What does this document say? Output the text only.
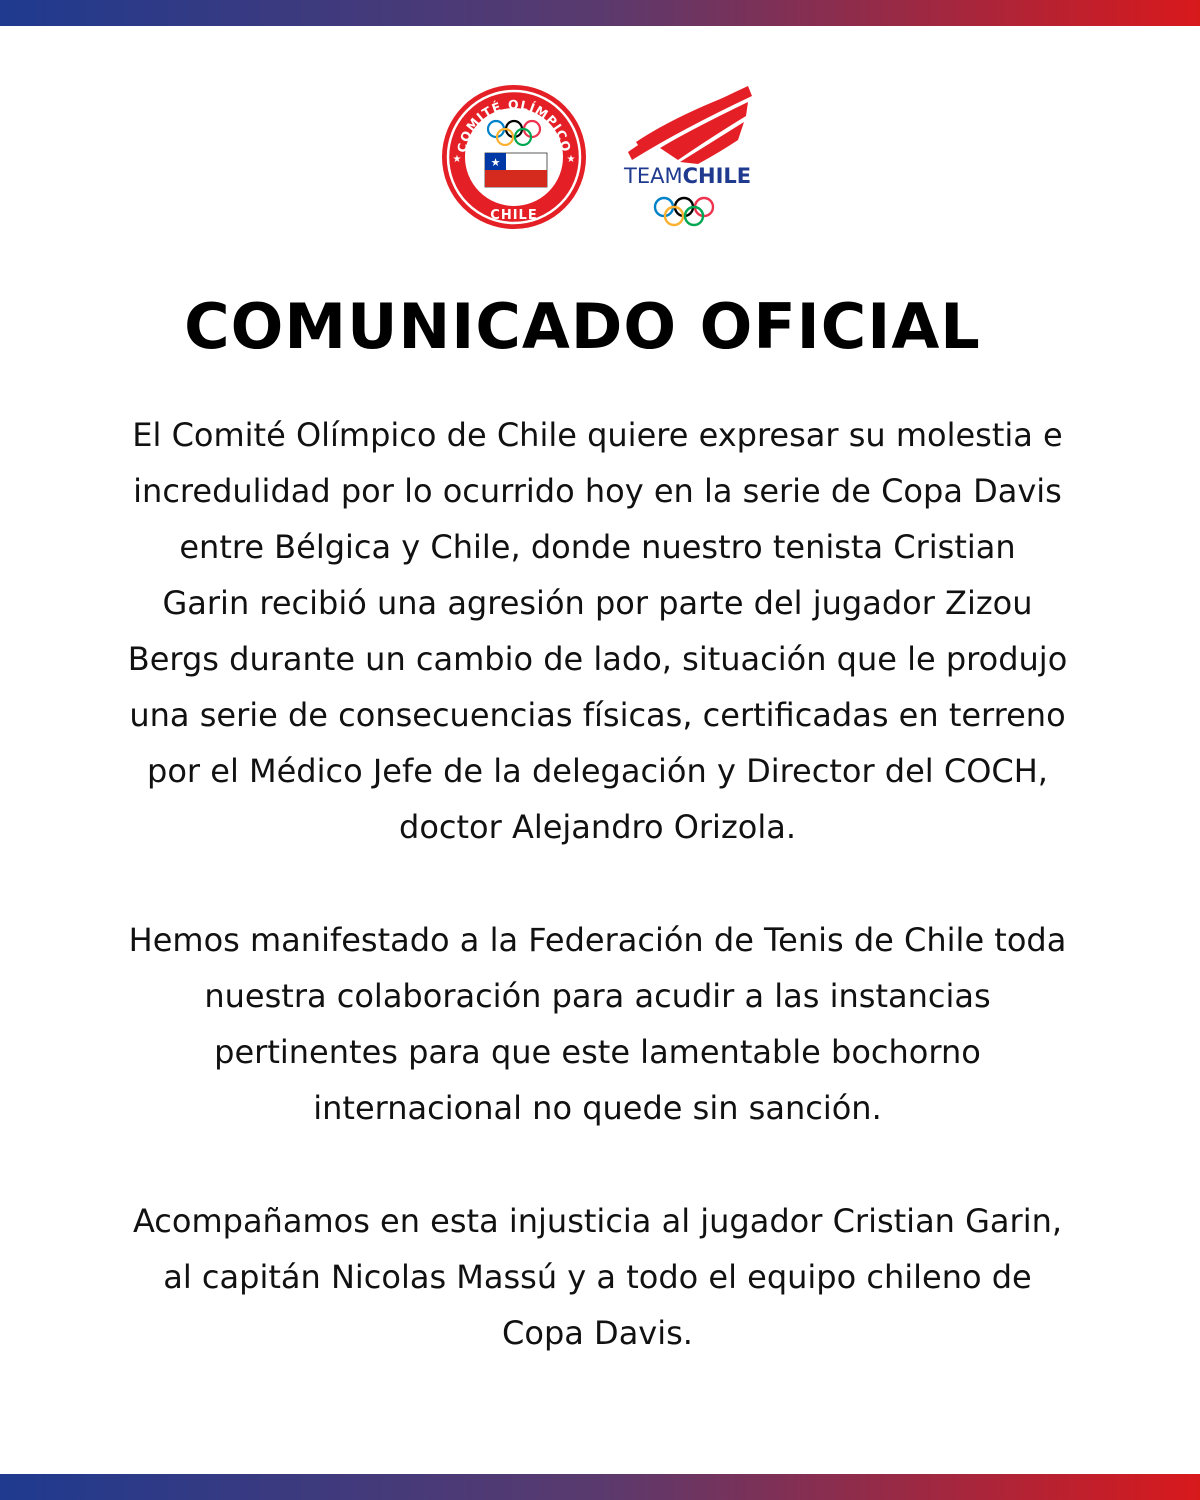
COMITÉ OLÍMPICO
CHILE
★	★
★
TEAMCHILE
COMUNICADO OFICIAL

El Comité Olímpico de Chile quiere expresar su molestia e
incredulidad por lo ocurrido hoy en la serie de Copa Davis
entre Bélgica y Chile, donde nuestro tenista Cristian
Garin recibió una agresión por parte del jugador Zizou
Bergs durante un cambio de lado, situación que le produjo
una serie de consecuencias físicas, certificadas en terreno
por el Médico Jefe de la delegación y Director del COCH,
doctor Alejandro Orizola.

Hemos manifestado a la Federación de Tenis de Chile toda
nuestra colaboración para acudir a las instancias
pertinentes para que este lamentable bochorno
internacional no quede sin sanción.

Acompañamos en esta injusticia al jugador Cristian Garin,
al capitán Nicolas Massú y a todo el equipo chileno de
Copa Davis.
